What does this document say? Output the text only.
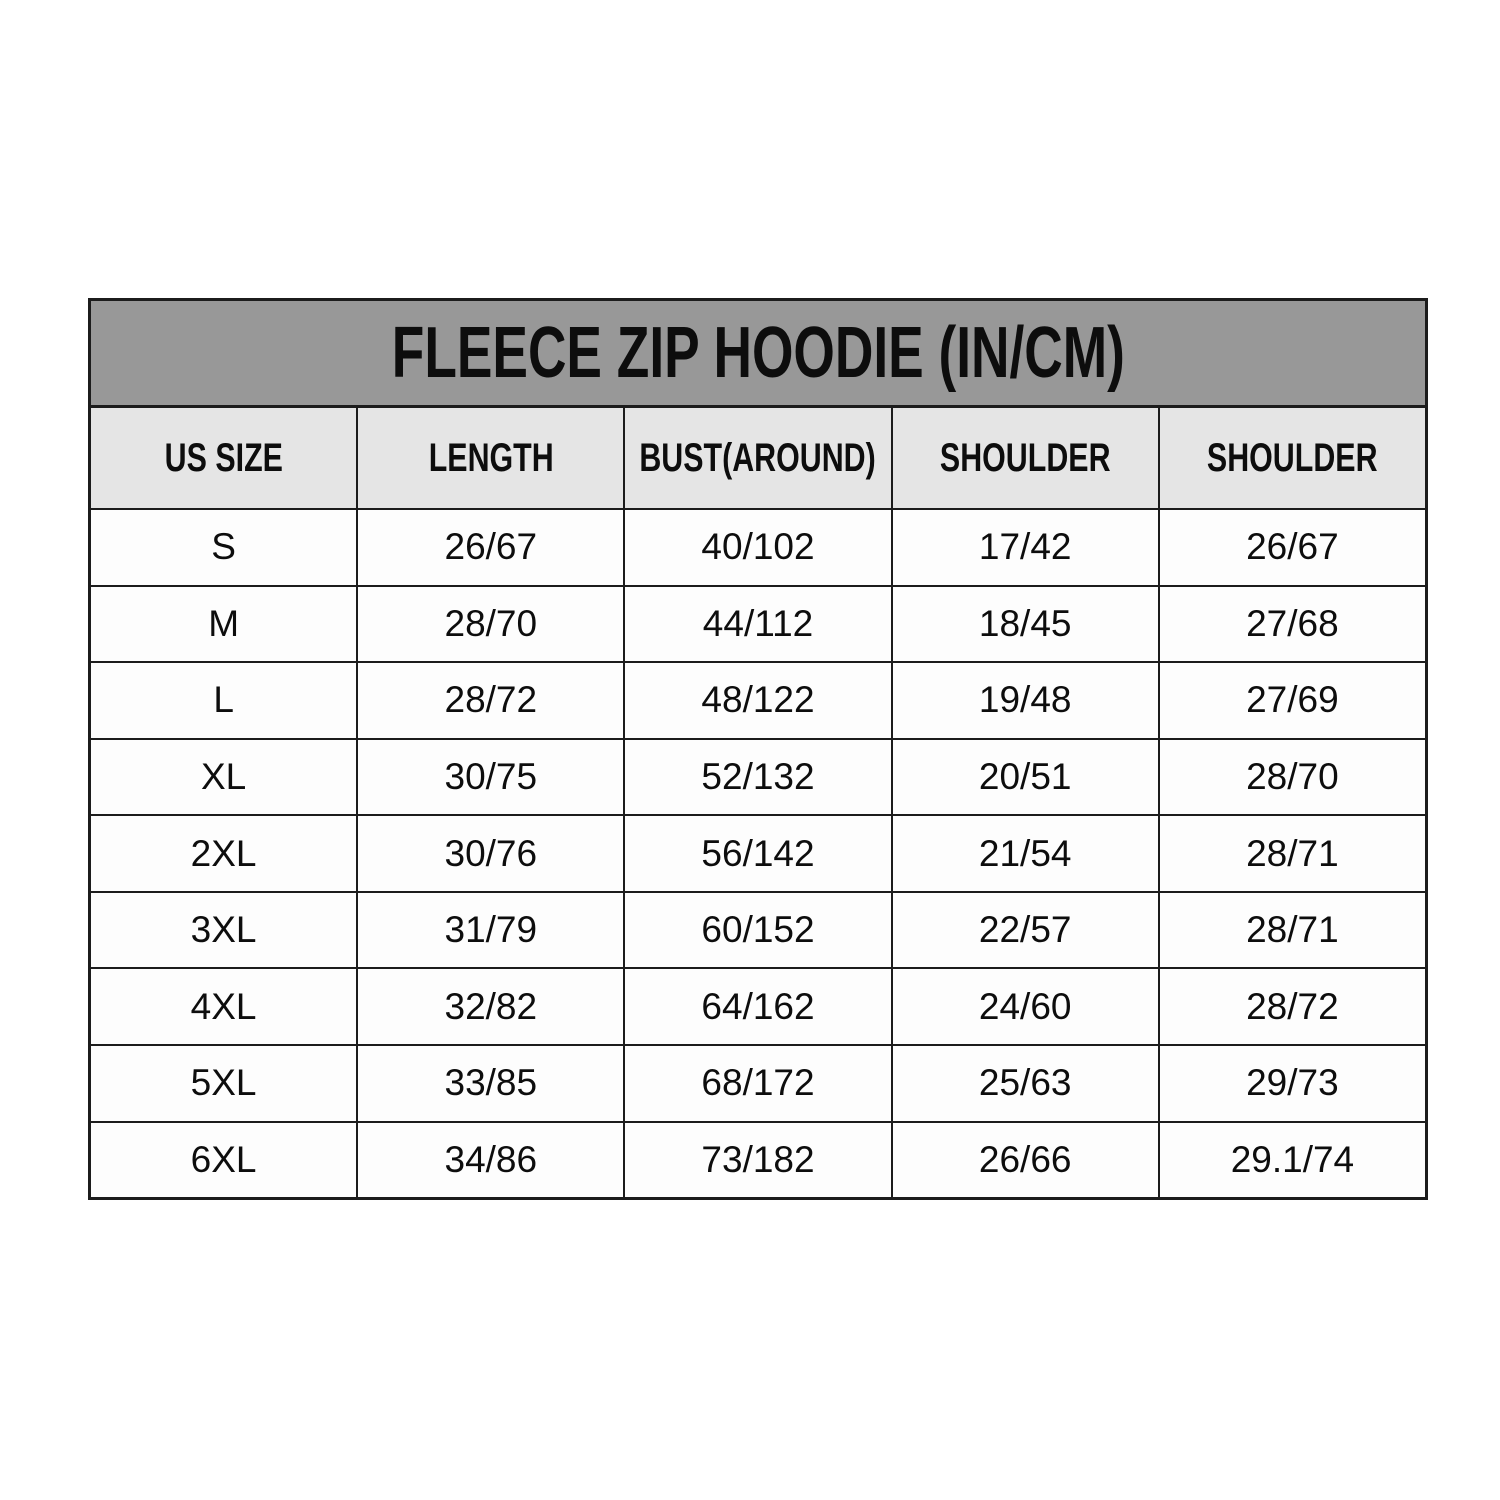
FLEECE ZIP HOODIE (IN/CM)
US SIZE	LENGTH BUST(AROUND) SHOULDER SHOULDER
S	26/67	40/102	17/42	26/67
M	28/70	44/112	18/45	27/68
L	28/72	48/122	19/48	27/69
XL	30/75	52/132	20/51	28/70
2XL	30/76	56/142	21/54	28/71
3XL	31/79	60/152	22/57	28/71
4XL	32/82	64/162	24/60	28/72
5XL	33/85	68/172	25/63	29/73
6XL	34/86	73/182	26/66	29.1/74
